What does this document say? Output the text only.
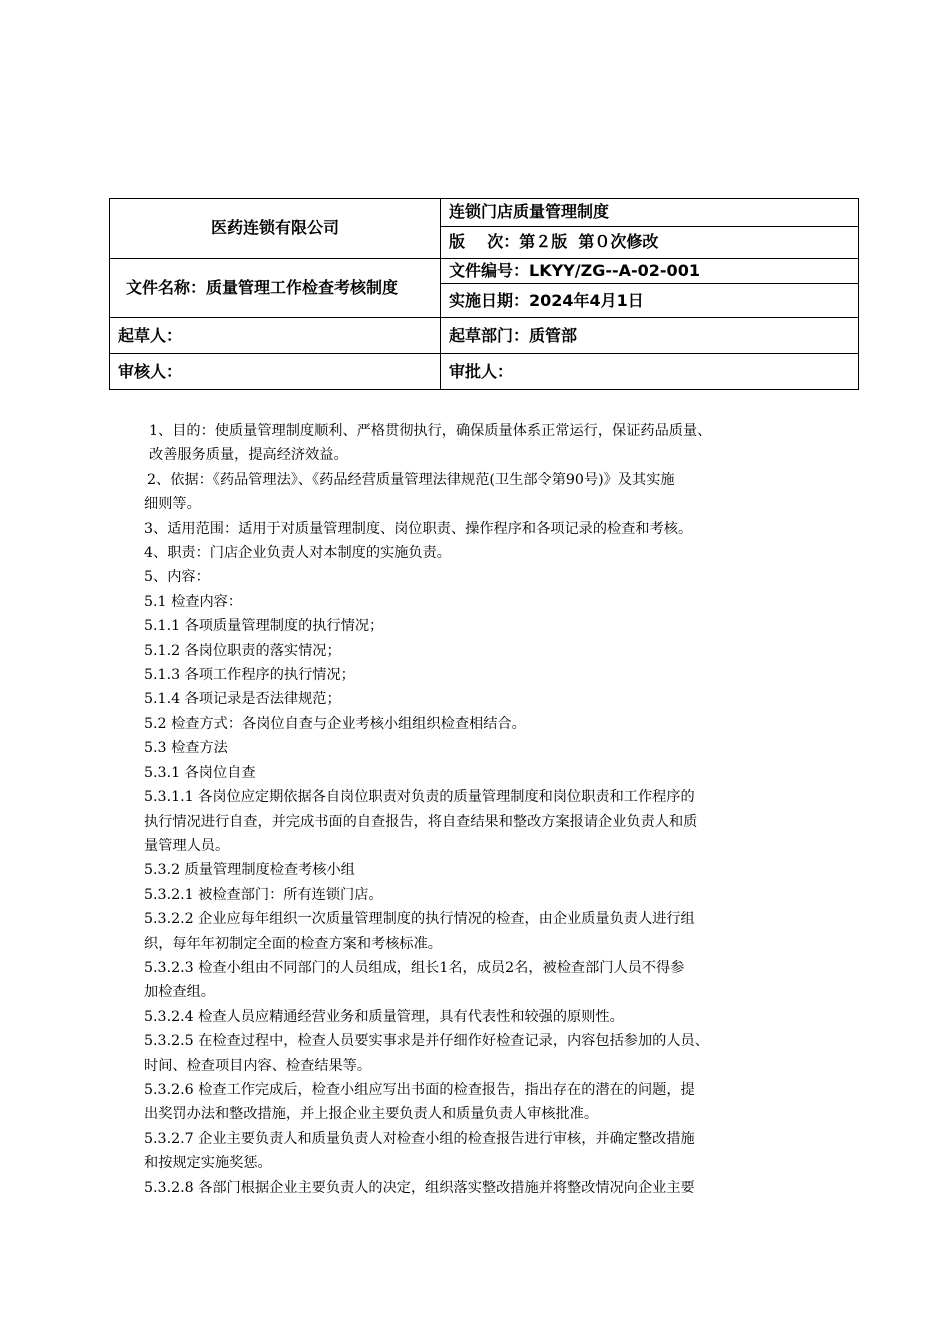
医药连锁有限公司	连锁门店质量管理制度
	版    次：第２版  第０次修改
文件名称：质量管理工作检查考核制度	文件编号：LKYY/ZG--A-02-001
	实施日期：2024年4月1日
起草人：	起草部门：质管部
审核人：	审批人：

1、目的：使质量管理制度顺利、严格贯彻执行，确保质量体系正常运行，保证药品质量、

改善服务质量，提高经济效益。

2、依据：《药品管理法》、《药品经营质量管理法律规范(卫生部令第90号)》及其实施

细则等。

3、适用范围：适用于对质量管理制度、岗位职责、操作程序和各项记录的检查和考核。

4、职责：门店企业负责人对本制度的实施负责。

5、内容：

5.1 检查内容：

5.1.1 各项质量管理制度的执行情况；

5.1.2 各岗位职责的落实情况；

5.1.3 各项工作程序的执行情况；

5.1.4 各项记录是否法律规范；

5.2 检查方式：各岗位自查与企业考核小组组织检查相结合。

5.3 检查方法

5.3.1 各岗位自查

5.3.1.1 各岗位应定期依据各自岗位职责对负责的质量管理制度和岗位职责和工作程序的

执行情况进行自查，并完成书面的自查报告，将自查结果和整改方案报请企业负责人和质

量管理人员。

5.3.2 质量管理制度检查考核小组

5.3.2.1 被检查部门：所有连锁门店。

5.3.2.2 企业应每年组织一次质量管理制度的执行情况的检查，由企业质量负责人进行组

织，每年年初制定全面的检查方案和考核标准。

5.3.2.3 检查小组由不同部门的人员组成，组长1名，成员2名，被检查部门人员不得参

加检查组。

5.3.2.4 检查人员应精通经营业务和质量管理，具有代表性和较强的原则性。

5.3.2.5 在检查过程中，检查人员要实事求是并仔细作好检查记录，内容包括参加的人员、

时间、检查项目内容、检查结果等。

5.3.2.6 检查工作完成后，检查小组应写出书面的检查报告，指出存在的潜在的问题，提

出奖罚办法和整改措施，并上报企业主要负责人和质量负责人审核批准。

5.3.2.7 企业主要负责人和质量负责人对检查小组的检查报告进行审核，并确定整改措施

和按规定实施奖惩。

5.3.2.8 各部门根据企业主要负责人的决定，组织落实整改措施并将整改情况向企业主要
